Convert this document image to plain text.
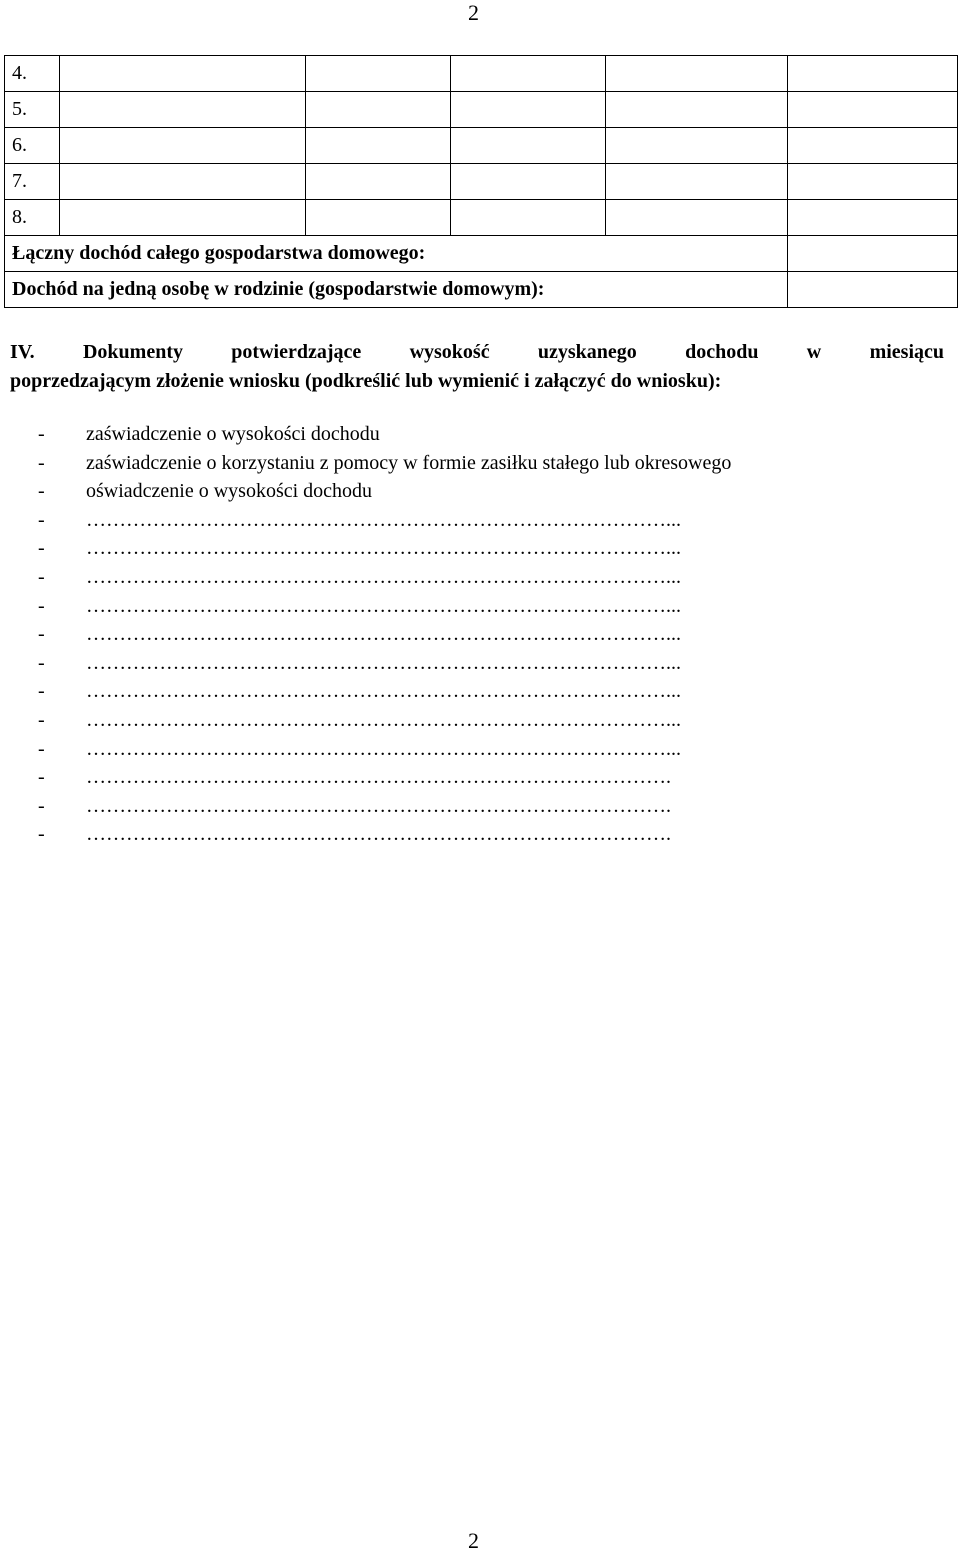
2
4.					
5.					
6.					
7.					
8.					
Łączny dochód całego gospodarstwa domowego:					
Dochód na jedną osobę w rodzinie (gospodarstwie domowym):					
IV. Dokumenty potwierdzające wysokość uzyskanego dochodu w miesiącu
poprzedzającym złożenie wniosku (podkreślić lub wymienić i załączyć do wniosku):
-	zaświadczenie o wysokości dochodu
-	zaświadczenie o korzystaniu z pomocy w formie zasiłku stałego lub okresowego
-	oświadczenie o wysokości dochodu
-	……………………………………………………………………………...
-	……………………………………………………………………………...
-	……………………………………………………………………………...
-	……………………………………………………………………………...
-	……………………………………………………………………………...
-	……………………………………………………………………………...
-	……………………………………………………………………………...
-	……………………………………………………………………………...
-	……………………………………………………………………………...
-	…………………………………………………………………………….
-	…………………………………………………………………………….
-	…………………………………………………………………………….
2
